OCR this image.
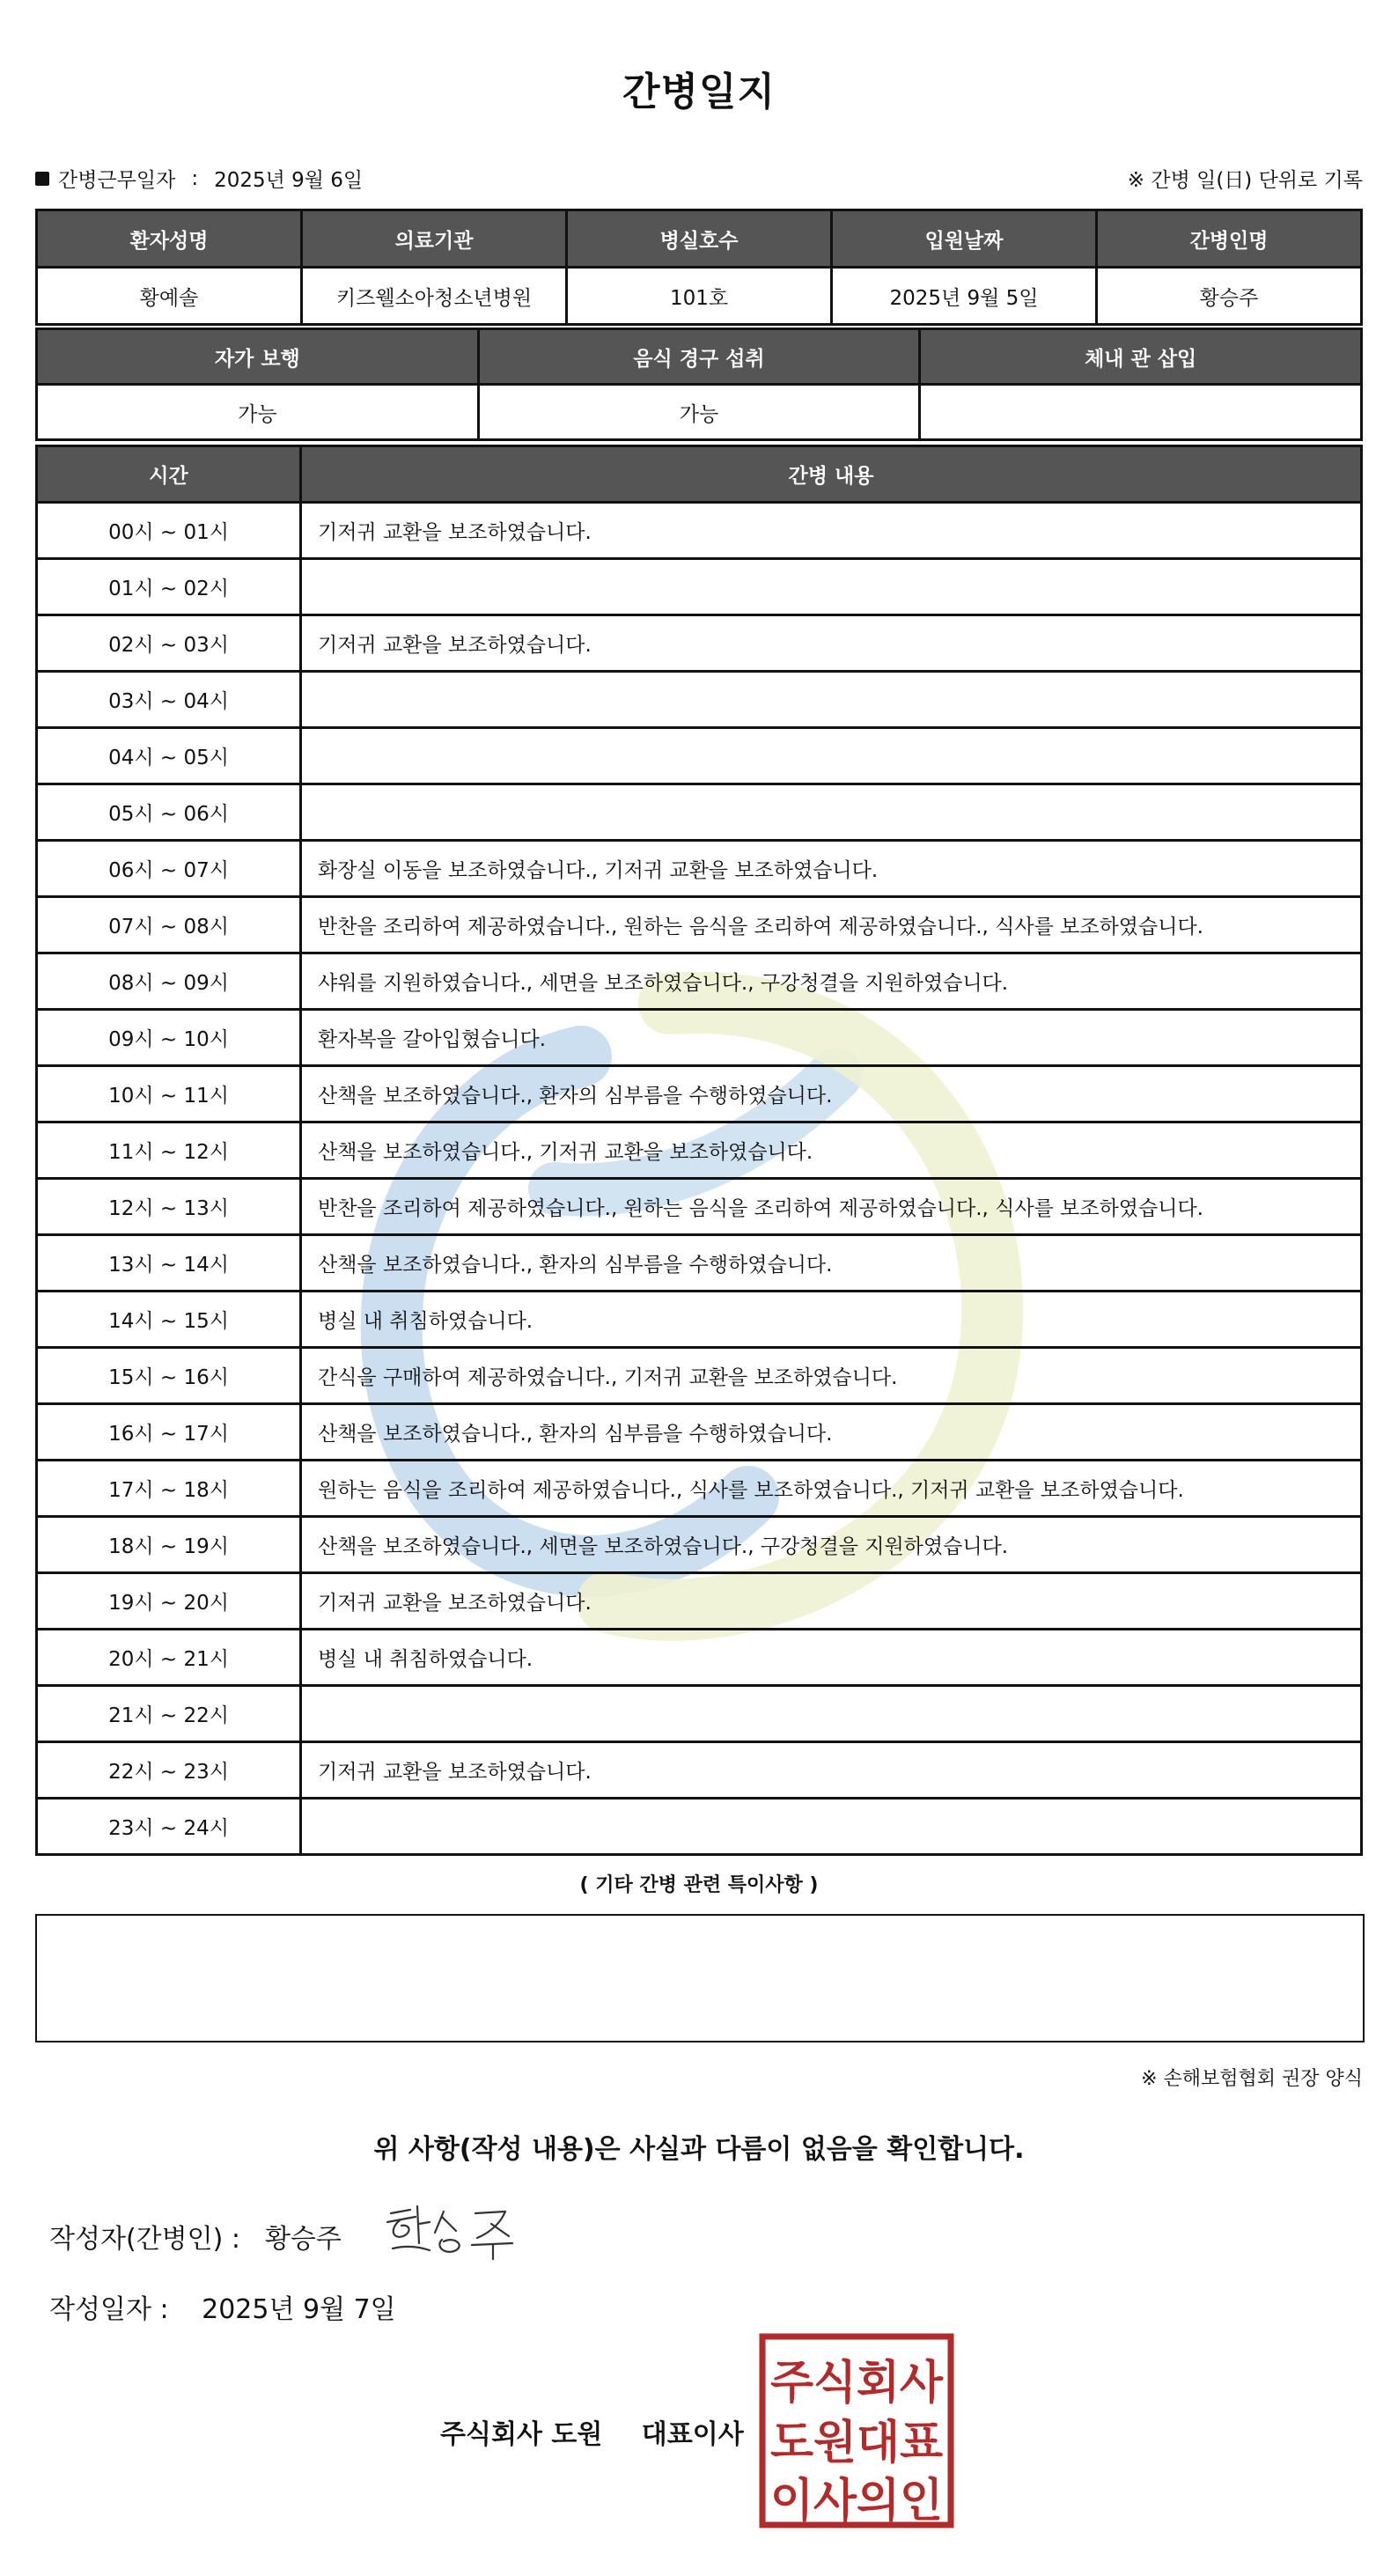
간병일지
간병근무일자 : 2025년 9월 6일	※ 간병 일(日) 단위로 기록
환자성명	의료기관	병실호수	입원날짜	간병인명
황예솔	키즈웰소아청소년병원	101호	2025년 9월 5일	황승주
자가 보행	음식 경구 섭취	체내 관 삽입
가능	가능	
시간	간병 내용
00시 ~ 01시	기저귀 교환을 보조하였습니다.
01시 ~ 02시	
02시 ~ 03시	기저귀 교환을 보조하였습니다.
03시 ~ 04시	
04시 ~ 05시	
05시 ~ 06시	
06시 ~ 07시	화장실 이동을 보조하였습니다., 기저귀 교환을 보조하였습니다.
07시 ~ 08시	반찬을 조리하여 제공하였습니다., 원하는 음식을 조리하여 제공하였습니다., 식사를 보조하였습니다.
08시 ~ 09시	샤워를 지원하였습니다., 세면을 보조하였습니다., 구강청결을 지원하였습니다.
09시 ~ 10시	환자복을 갈아입혔습니다.
10시 ~ 11시	산책을 보조하였습니다., 환자의 심부름을 수행하였습니다.
11시 ~ 12시	산책을 보조하였습니다., 기저귀 교환을 보조하였습니다.
12시 ~ 13시	반찬을 조리하여 제공하였습니다., 원하는 음식을 조리하여 제공하였습니다., 식사를 보조하였습니다.
13시 ~ 14시	산책을 보조하였습니다., 환자의 심부름을 수행하였습니다.
14시 ~ 15시	병실 내 취침하였습니다.
15시 ~ 16시	간식을 구매하여 제공하였습니다., 기저귀 교환을 보조하였습니다.
16시 ~ 17시	산책을 보조하였습니다., 환자의 심부름을 수행하였습니다.
17시 ~ 18시	원하는 음식을 조리하여 제공하였습니다., 식사를 보조하였습니다., 기저귀 교환을 보조하였습니다.
18시 ~ 19시	산책을 보조하였습니다., 세면을 보조하였습니다., 구강청결을 지원하였습니다.
19시 ~ 20시	기저귀 교환을 보조하였습니다.
20시 ~ 21시	병실 내 취침하였습니다.
21시 ~ 22시	
22시 ~ 23시	기저귀 교환을 보조하였습니다.
23시 ~ 24시	
( 기타 간병 관련 특이사항 )
※ 손해보험협회 권장 양식
위 사항(작성 내용)은 사실과 다름이 없음을 확인합니다.
작성자(간병인) : 황승주
작성일자 : 2025년 9월 7일
주식회사 도원 대표이사
주식회사
도원대표
이사의인
